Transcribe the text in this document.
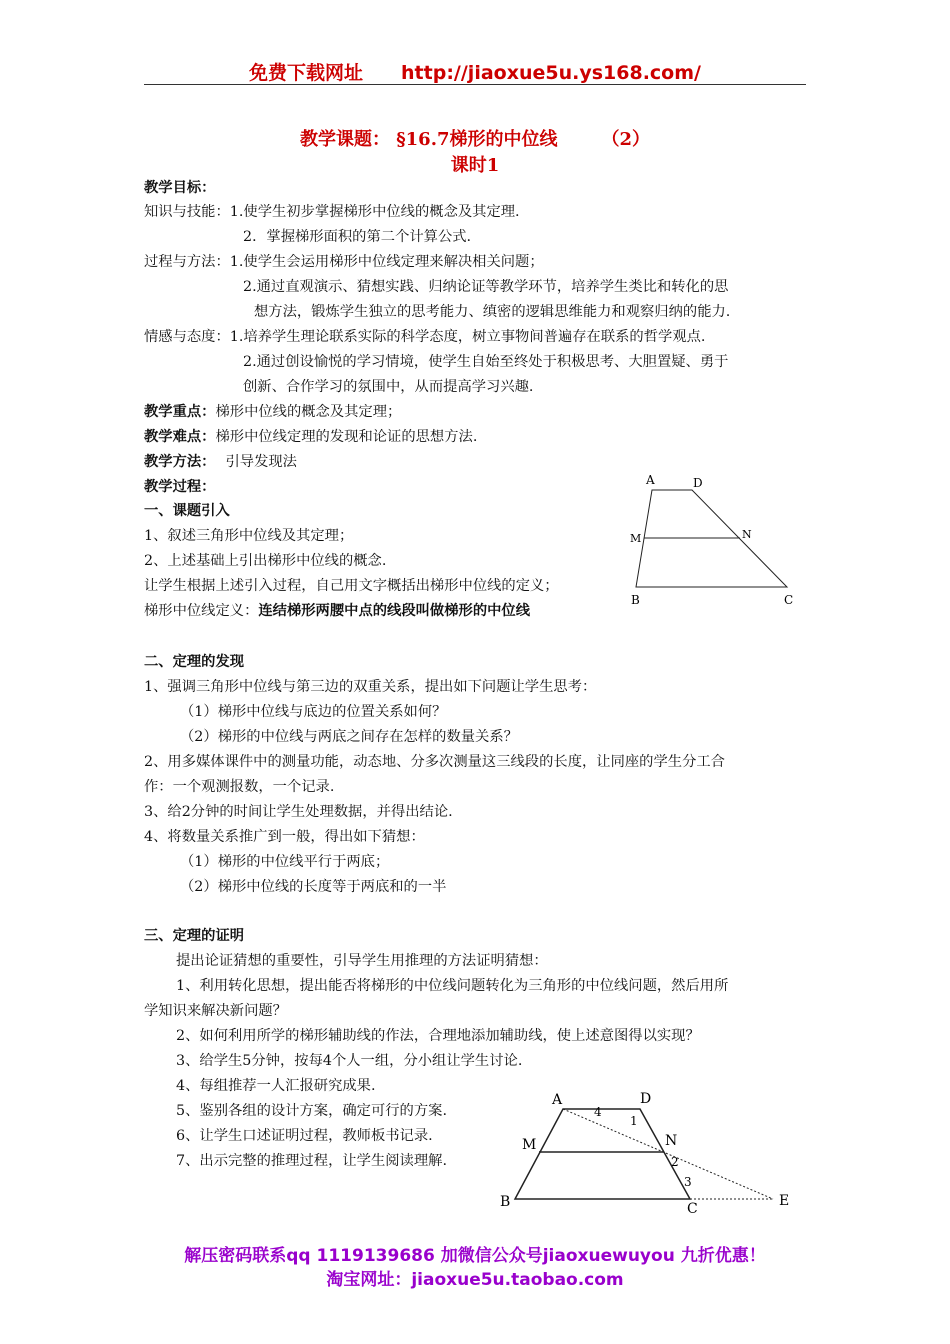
免费下载网址 http://jiaoxue5u.ys168.com/
教学课题： §16.7梯形的中位线 （2）
课时1
教学目标：
知识与技能：1.使学生初步掌握梯形中位线的概念及其定理.
2．掌握梯形面积的第二个计算公式.
过程与方法：1.使学生会运用梯形中位线定理来解决相关问题；
2.通过直观演示、猜想实践、归纳论证等教学环节，培养学生类比和转化的思
想方法，锻炼学生独立的思考能力、缜密的逻辑思维能力和观察归纳的能力.
情感与态度：1.培养学生理论联系实际的科学态度，树立事物间普遍存在联系的哲学观点.
2.通过创设愉悦的学习情境，使学生自始至终处于积极思考、大胆置疑、勇于
创新、合作学习的氛围中，从而提高学习兴趣.
教学重点：梯形中位线的概念及其定理；
教学难点：梯形中位线定理的发现和论证的思想方法.
教学方法： 引导发现法
教学过程：
一、课题引入
1、叙述三角形中位线及其定理；
2、上述基础上引出梯形中位线的概念.
让学生根据上述引入过程，自己用文字概括出梯形中位线的定义；
梯形中位线定义：连结梯形两腰中点的线段叫做梯形的中位线
A	D
M	N
B	C
二、定理的发现
1、强调三角形中位线与第三边的双重关系，提出如下问题让学生思考：
（1）梯形中位线与底边的位置关系如何？
（2）梯形的中位线与两底之间存在怎样的数量关系？
2、用多媒体课件中的测量功能，动态地、分多次测量这三线段的长度，让同座的学生分工合
作：一个观测报数，一个记录.
3、给2分钟的时间让学生处理数据，并得出结论.
4、将数量关系推广到一般，得出如下猜想：
（1）梯形的中位线平行于两底；
（2）梯形中位线的长度等于两底和的一半
三、定理的证明
提出论证猜想的重要性，引导学生用推理的方法证明猜想：
1、利用转化思想，提出能否将梯形的中位线问题转化为三角形的中位线问题，然后用所
学知识来解决新问题？
2、如何利用所学的梯形辅助线的作法，合理地添加辅助线，使上述意图得以实现？
3、给学生5分钟，按每4个人一组，分小组让学生讨论.
4、每组推荐一人汇报研究成果.
5、鉴别各组的设计方案，确定可行的方案.
6、让学生口述证明过程，教师板书记录.
7、出示完整的推理过程，让学生阅读理解.
A	D
M	N
B	C	E
1
2
3
4
解压密码联系qq 1119139686 加微信公众号jiaoxuewuyou 九折优惠！
淘宝网址：jiaoxue5u.taobao.com
